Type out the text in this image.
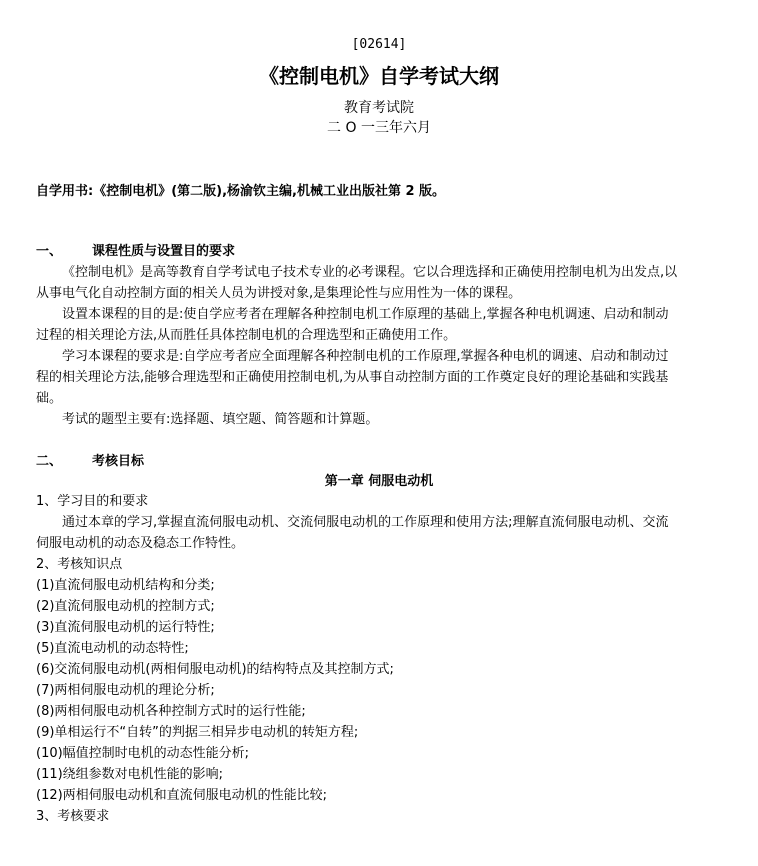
[02614]
《控制电机》自学考试大纲
教育考试院
二 O 一三年六月
自学用书:《控制电机》(第二版),杨渝钦主编,机械工业出版社第 2 版。
一、 课程性质与设置目的要求
《控制电机》是高等教育自学考试电子技术专业的必考课程。它以合理选择和正确使用控制电机为出发点,以
从事电气化自动控制方面的相关人员为讲授对象,是集理论性与应用性为一体的课程。
设置本课程的目的是:使自学应考者在理解各种控制电机工作原理的基础上,掌握各种电机调速、启动和制动
过程的相关理论方法,从而胜任具体控制电机的合理选型和正确使用工作。
学习本课程的要求是:自学应考者应全面理解各种控制电机的工作原理,掌握各种电机的调速、启动和制动过
程的相关理论方法,能够合理选型和正确使用控制电机,为从事自动控制方面的工作奠定良好的理论基础和实践基
础。
考试的题型主要有:选择题、填空题、简答题和计算题。
二、 考核目标
第一章 伺服电动机
1、学习目的和要求
通过本章的学习,掌握直流伺服电动机、交流伺服电动机的工作原理和使用方法;理解直流伺服电动机、交流
伺服电动机的动态及稳态工作特性。
2、考核知识点
(1)直流伺服电动机结构和分类;
(2)直流伺服电动机的控制方式;
(3)直流伺服电动机的运行特性;
(5)直流电动机的动态特性;
(6)交流伺服电动机(两相伺服电动机)的结构特点及其控制方式;
(7)两相伺服电动机的理论分析;
(8)两相伺服电动机各种控制方式时的运行性能;
(9)单相运行不“自转”的判据三相异步电动机的转矩方程;
(10)幅值控制时电机的动态性能分析;
(11)绕组参数对电机性能的影响;
(12)两相伺服电动机和直流伺服电动机的性能比较;
3、考核要求
